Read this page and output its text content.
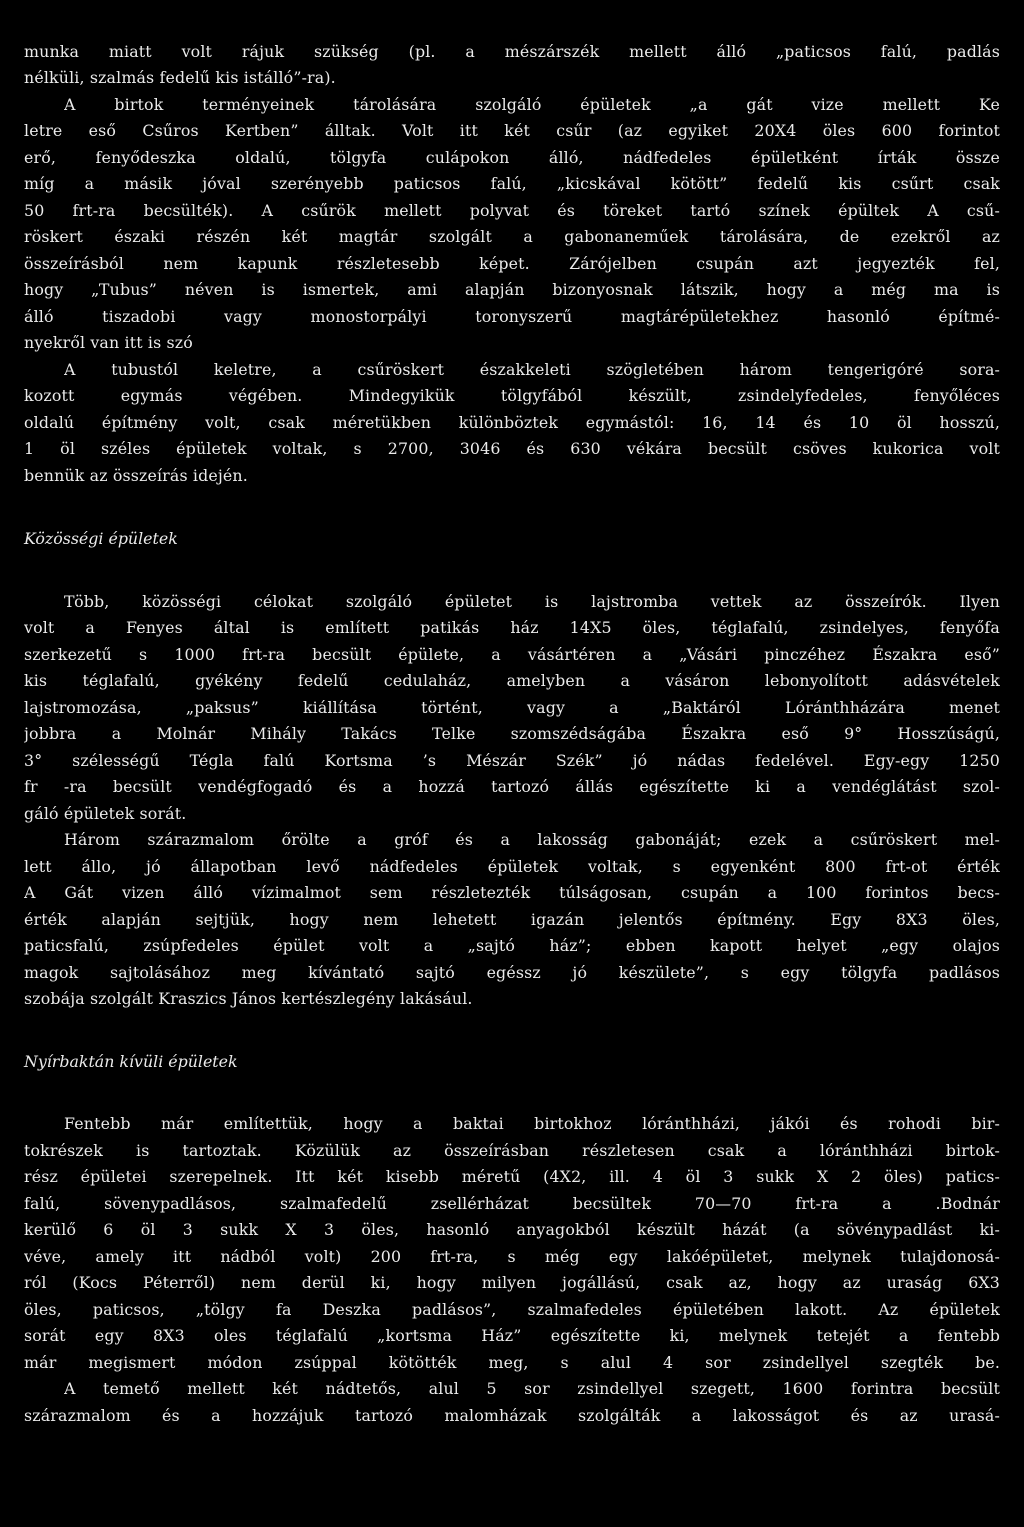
munka miatt volt rájuk szükség (pl. a mészárszék mellett álló „paticsos falú, padlás
nélküli, szalmás fedelű kis istálló”-ra).
A birtok terményeinek tárolására szolgáló épületek „a gát vize mellett Ke
letre eső Csűros Kertben” álltak. Volt itt két csűr (az egyiket 20X4 öles 600 forintot
erő, fenyődeszka oldalú, tölgyfa culápokon álló, nádfedeles épületként írták össze
míg a másik jóval szerényebb paticsos falú, „kicskával kötött” fedelű kis csűrt csak
50 frt-ra becsülték). A csűrök mellett polyvat és töreket tartó színek épültek A csű-
röskert északi részén két magtár szolgált a gabonaneműek tárolására, de ezekről az
összeírásból nem kapunk részletesebb képet. Zárójelben csupán azt jegyezték fel,
hogy „Tubus” néven is ismertek, ami alapján bizonyosnak látszik, hogy a még ma is
álló tiszadobi vagy monostorpályi toronyszerű magtárépületekhez hasonló építmé-
nyekről van itt is szó
A tubustól keletre, a csűröskert északkeleti szögletében három tengerigóré sora-
kozott egymás végében. Mindegyikük tölgyfából készült, zsindelyfedeles, fenyőléces
oldalú építmény volt, csak méretükben különböztek egymástól: 16, 14 és 10 öl hosszú,
1 öl széles épületek voltak, s 2700, 3046 és 630 vékára becsült csöves kukorica volt
bennük az összeírás idején.
Közösségi épületek
Több, közösségi célokat szolgáló épületet is lajstromba vettek az összeírók. Ilyen
volt a Fenyes által is említett patikás ház 14X5 öles, téglafalú, zsindelyes, fenyőfa
szerkezetű s 1000 frt-ra becsült épülete, a vásártéren a „Vásári pinczéhez Északra eső”
kis téglafalú, gyékény fedelű cedulaház, amelyben a vásáron lebonyolított adásvételek
lajstromozása, „paksus” kiállítása történt, vagy a „Baktáról Lóránthházára menet
jobbra a Molnár Mihály Takács Telke szomszédságába Északra eső 9° Hosszúságú,
3° szélességű Tégla falú Kortsma ’s Mészár Szék” jó nádas fedelével. Egy-egy 1250
fr -ra becsült vendégfogadó és a hozzá tartozó állás egészítette ki a vendéglátást szol-
gáló épületek sorát.
Három szárazmalom őrölte a gróf és a lakosság gabonáját; ezek a csűröskert mel-
lett állo, jó állapotban levő nádfedeles épületek voltak, s egyenként 800 frt-ot érték
A Gát vizen álló vízimalmot sem részletezték túlságosan, csupán a 100 forintos becs-
érték alapján sejtjük, hogy nem lehetett igazán jelentős építmény. Egy 8X3 öles,
paticsfalú, zsúpfedeles épület volt a „sajtó ház”; ebben kapott helyet „egy olajos
magok sajtolásához meg kívántató sajtó egéssz jó készülete”, s egy tölgyfa padlásos
szobája szolgált Kraszics János kertészlegény lakásául.
Nyírbaktán kívüli épületek
Fentebb már említettük, hogy a baktai birtokhoz lóránthházi, jákói és rohodi bir-
tokrészek is tartoztak. Közülük az összeírásban részletesen csak a lóránthházi birtok-
rész épületei szerepelnek. Itt két kisebb méretű (4X2, ill. 4 öl 3 sukk X 2 öles) patics-
falú, sövenypadlásos, szalmafedelű zsellérházat becsültek 70—70 frt-ra a .Bodnár
kerülő 6 öl 3 sukk X 3 öles, hasonló anyagokból készült házát (a sövénypadlást ki-
véve, amely itt nádból volt) 200 frt-ra, s még egy lakóépületet, melynek tulajdonosá-
ról (Kocs Péterről) nem derül ki, hogy milyen jogállású, csak az, hogy az uraság 6X3
öles, paticsos, „tölgy fa Deszka padlásos”, szalmafedeles épületében lakott. Az épületek
sorát egy 8X3 oles téglafalú „kortsma Ház” egészítette ki, melynek tetejét a fentebb
már megismert módon zsúppal kötötték meg, s alul 4 sor zsindellyel szegték be.
A temető mellett két nádtetős, alul 5 sor zsindellyel szegett, 1600 forintra becsült
szárazmalom és a hozzájuk tartozó malomházak szolgálták a lakosságot és az urasá-
